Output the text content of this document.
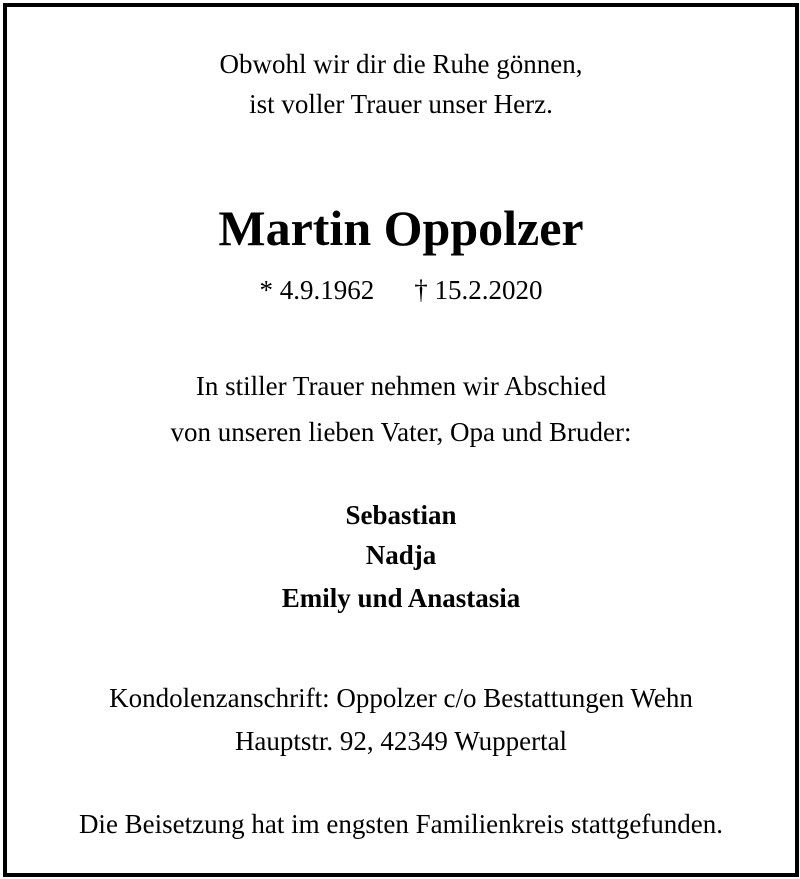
Obwohl wir dir die Ruhe gönnen,
ist voller Trauer unser Herz.
Martin Oppolzer
* 4.9.1962 † 15.2.2020
In stiller Trauer nehmen wir Abschied
von unseren lieben Vater, Opa und Bruder:
Sebastian
Nadja
Emily und Anastasia
Kondolenzanschrift: Oppolzer c/o Bestattungen Wehn
Hauptstr. 92, 42349 Wuppertal
Die Beisetzung hat im engsten Familienkreis stattgefunden.
